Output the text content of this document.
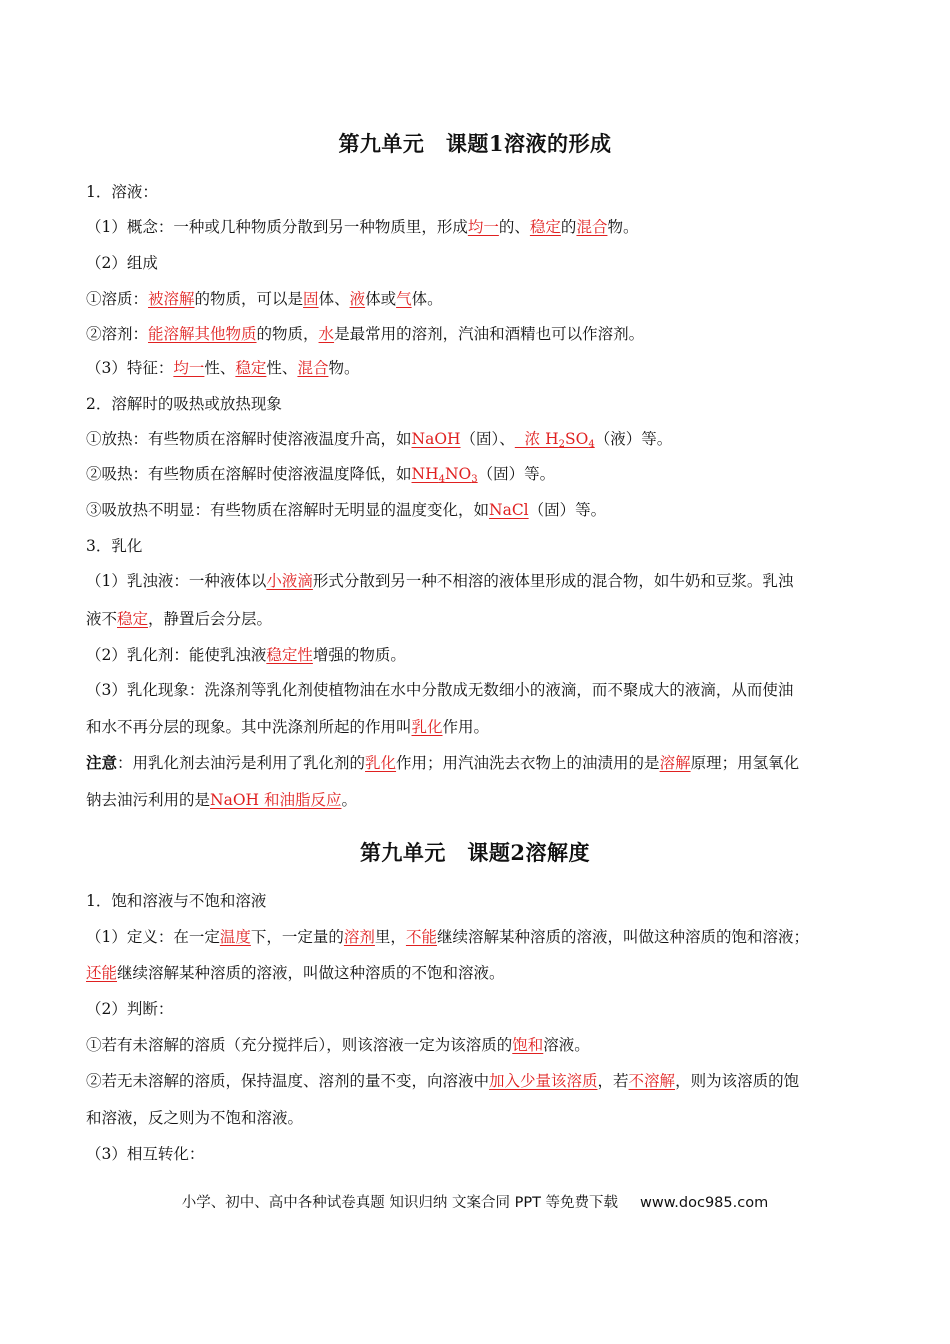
第九单元　课题1溶液的形成
1．溶液：
（1）概念：一种或几种物质分散到另一种物质里，形成均一的、稳定的混合物。
（2）组成
①溶质：被溶解的物质，可以是固体、液体或气体。
②溶剂：能溶解其他物质的物质，水是最常用的溶剂，汽油和酒精也可以作溶剂。
（3）特征：均一性、稳定性、混合物。
2．溶解时的吸热或放热现象
①放热：有些物质在溶解时使溶液温度升高，如NaOH（固）、  浓 $H_2SO_4$（液）等。
②吸热：有些物质在溶解时使溶液温度降低，如$NH_4NO_3$（固）等。
③吸放热不明显：有些物质在溶解时无明显的温度变化，如NaCl（固）等。
3．乳化
（1）乳浊液：一种液体以小液滴形式分散到另一种不相溶的液体里形成的混合物，如牛奶和豆浆。乳浊
液不稳定，静置后会分层。
（2）乳化剂：能使乳浊液稳定性增强的物质。
（3）乳化现象：洗涤剂等乳化剂使植物油在水中分散成无数细小的液滴，而不聚成大的液滴，从而使油
和水不再分层的现象。其中洗涤剂所起的作用叫乳化作用。
注意：用乳化剂去油污是利用了乳化剂的乳化作用；用汽油洗去衣物上的油渍用的是溶解原理；用氢氧化
钠去油污利用的是NaOH 和油脂反应。
第九单元　课题2溶解度
1．饱和溶液与不饱和溶液
（1）定义：在一定温度下，一定量的溶剂里，不能继续溶解某种溶质的溶液，叫做这种溶质的饱和溶液；
还能继续溶解某种溶质的溶液，叫做这种溶质的不饱和溶液。
（2）判断：
①若有未溶解的溶质（充分搅拌后），则该溶液一定为该溶质的饱和溶液。
②若无未溶解的溶质，保持温度、溶剂的量不变，向溶液中加入少量该溶质，若不溶解，则为该溶质的饱
和溶液，反之则为不饱和溶液。
（3）相互转化：
小学、初中、高中各种试卷真题 知识归纳 文案合同 PPT 等免费下载 www.doc985.com
